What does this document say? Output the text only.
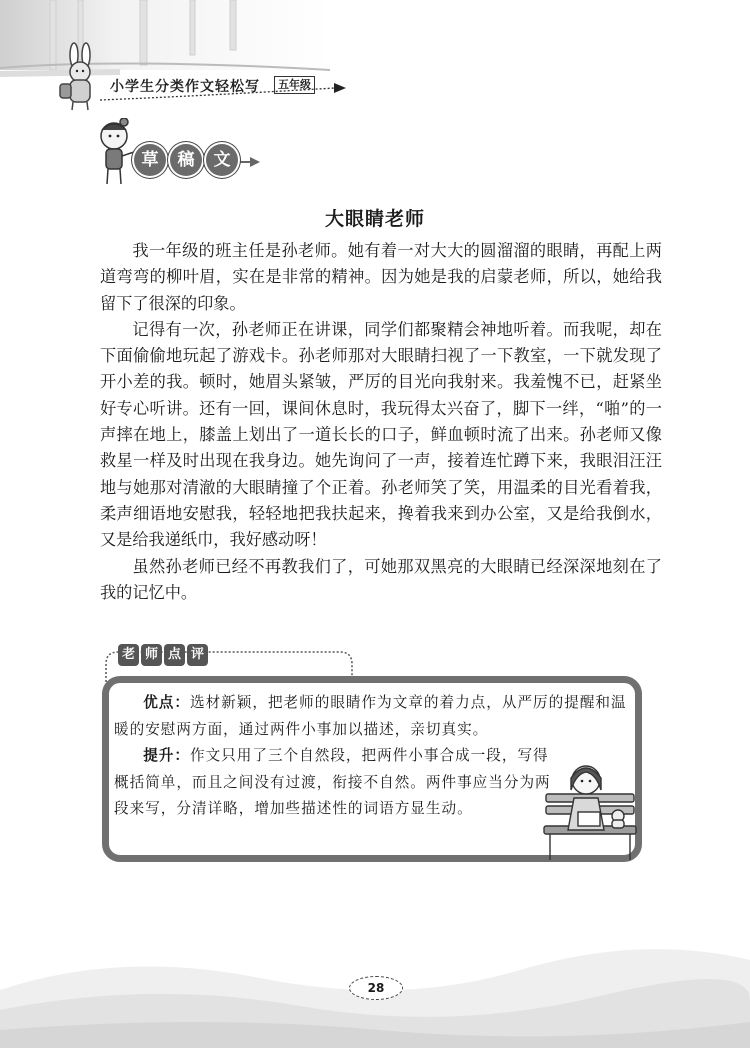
小学生分类作文轻松写	五年级
草	稿	文
大眼睛老师

我一年级的班主任是孙老师。她有着一对大大的圆溜溜的眼睛，再配上两道弯弯的柳叶眉，实在是非常的精神。因为她是我的启蒙老师，所以，她给我留下了很深的印象。

记得有一次，孙老师正在讲课，同学们都聚精会神地听着。而我呢，却在下面偷偷地玩起了游戏卡。孙老师那对大眼睛扫视了一下教室，一下就发现了开小差的我。顿时，她眉头紧皱，严厉的目光向我射来。我羞愧不已，赶紧坐好专心听讲。还有一回，课间休息时，我玩得太兴奋了，脚下一绊，“啪”的一声摔在地上，膝盖上划出了一道长长的口子，鲜血顿时流了出来。孙老师又像救星一样及时出现在我身边。她先询问了一声，接着连忙蹲下来，我眼泪汪汪地与她那对清澈的大眼睛撞了个正着。孙老师笑了笑，用温柔的目光看着我，柔声细语地安慰我，轻轻地把我扶起来，搀着我来到办公室，又是给我倒水，又是给我递纸巾，我好感动呀！

虽然孙老师已经不再教我们了，可她那双黑亮的大眼睛已经深深地刻在了我的记忆中。

老 师 点 评

优点：选材新颖，把老师的眼睛作为文章的着力点，从严厉的提醒和温暖的安慰两方面，通过两件小事加以描述，亲切真实。

提升：作文只用了三个自然段，把两件小事合成一段，写得概括简单，而且之间没有过渡，衔接不自然。两件事应当分为两段来写，分清详略，增加些描述性的词语方显生动。

28
